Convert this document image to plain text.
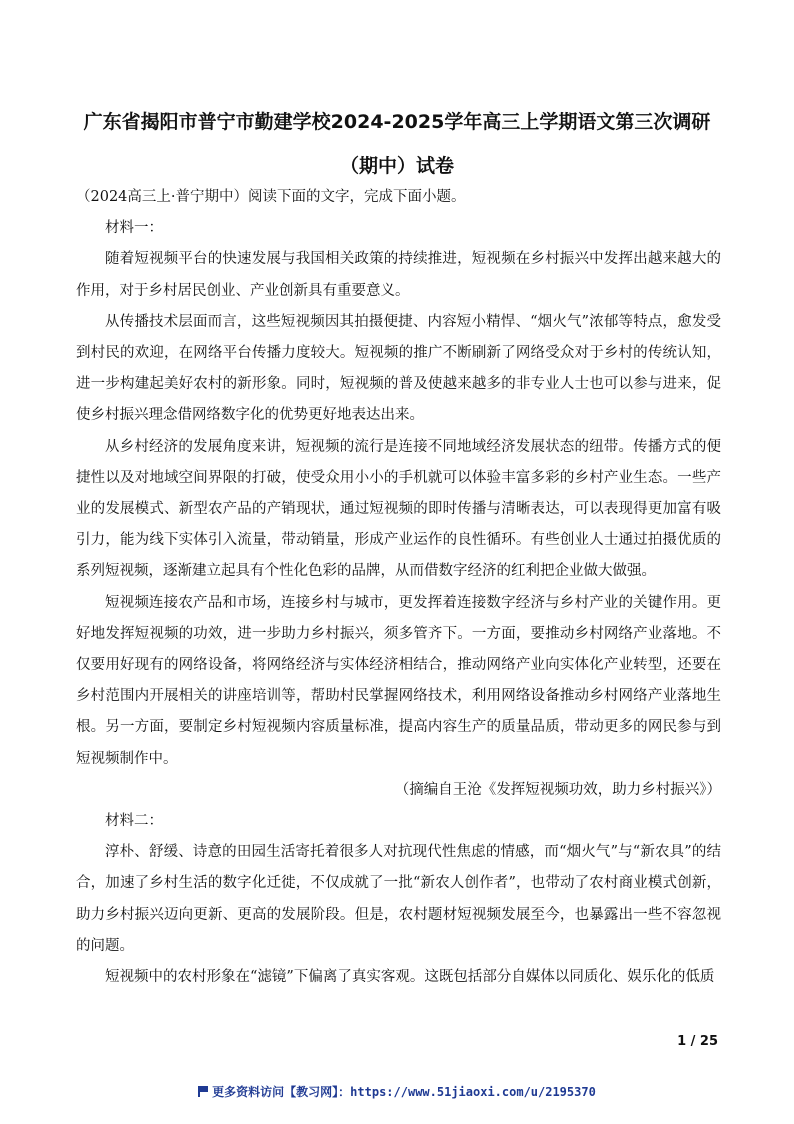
广东省揭阳市普宁市勤建学校2024-2025学年高三上学期语文第三次调研（期中）试卷

（2024高三上·普宁期中）阅读下面的文字，完成下面小题。

材料一：

随着短视频平台的快速发展与我国相关政策的持续推进，短视频在乡村振兴中发挥出越来越大的作用，对于乡村居民创业、产业创新具有重要意义。

从传播技术层面而言，这些短视频因其拍摄便捷、内容短小精悍、“烟火气”浓郁等特点，愈发受到村民的欢迎，在网络平台传播力度较大。短视频的推广不断刷新了网络受众对于乡村的传统认知，进一步构建起美好农村的新形象。同时，短视频的普及使越来越多的非专业人士也可以参与进来，促使乡村振兴理念借网络数字化的优势更好地表达出来。

从乡村经济的发展角度来讲，短视频的流行是连接不同地域经济发展状态的纽带。传播方式的便捷性以及对地域空间界限的打破，使受众用小小的手机就可以体验丰富多彩的乡村产业生态。一些产业的发展模式、新型农产品的产销现状，通过短视频的即时传播与清晰表达，可以表现得更加富有吸引力，能为线下实体引入流量，带动销量，形成产业运作的良性循环。有些创业人士通过拍摄优质的系列短视频，逐渐建立起具有个性化色彩的品牌，从而借数字经济的红利把企业做大做强。

短视频连接农产品和市场，连接乡村与城市，更发挥着连接数字经济与乡村产业的关键作用。更好地发挥短视频的功效，进一步助力乡村振兴，须多管齐下。一方面，要推动乡村网络产业落地。不仅要用好现有的网络设备，将网络经济与实体经济相结合，推动网络产业向实体化产业转型，还要在乡村范围内开展相关的讲座培训等，帮助村民掌握网络技术，利用网络设备推动乡村网络产业落地生根。另一方面，要制定乡村短视频内容质量标准，提高内容生产的质量品质，带动更多的网民参与到短视频制作中。

（摘编自王沧《发挥短视频功效，助力乡村振兴》）

材料二：

淳朴、舒缓、诗意的田园生活寄托着很多人对抗现代性焦虑的情感，而“烟火气”与“新农具”的结合，加速了乡村生活的数字化迁徙，不仅成就了一批“新农人创作者”，也带动了农村商业模式创新，助力乡村振兴迈向更新、更高的发展阶段。但是，农村题材短视频发展至今，也暴露出一些不容忽视的问题。

短视频中的农村形象在“滤镜”下偏离了真实客观。这既包括部分自媒体以同质化、娱乐化的低质

1 / 25
更多资料访问【教习网】：https://www.51jiaoxi.com/u/2195370
